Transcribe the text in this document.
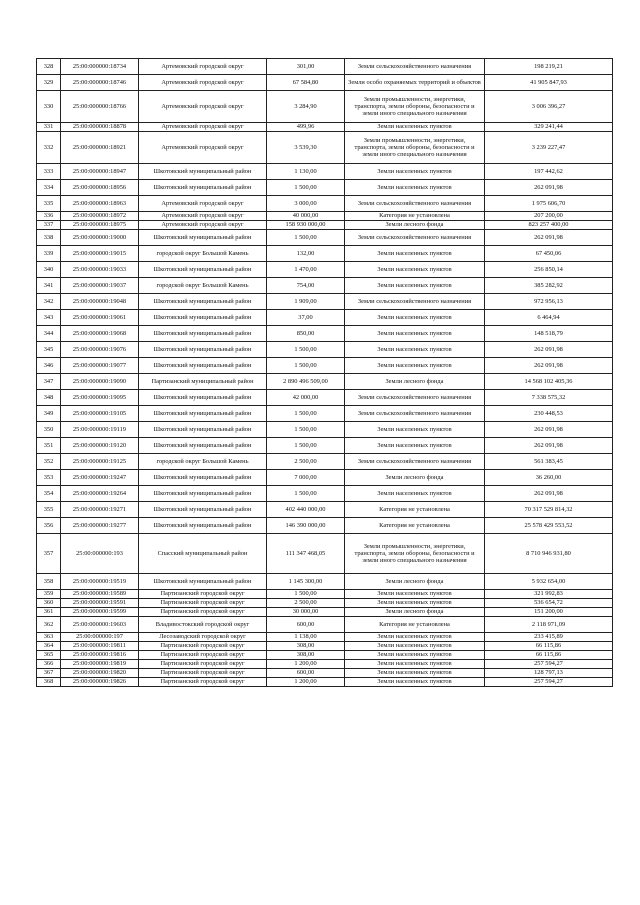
328	25:00:000000:18734	Артемовский городской округ	301,00	Земли сельскохозяйственного назначения	198 219,21
329	25:00:000000:18746	Артемовский городской округ	67 584,80	Земли особо охраняемых территорий и объектов	41 905 847,93
330	25:00:000000:18766	Артемовский городской округ	3 284,90	Земли промышленности, энергетики, транспорта, земли обороны, безопасности и земли иного специального назначения	3 006 396,27
331	25:00:000000:18878	Артемовский городской округ	499,96	Земли населенных пунктов	329 241,44
332	25:00:000000:18921	Артемовский городской округ	3 539,30	Земли промышленности, энергетики, транспорта, земли обороны, безопасности и земли иного специального назначения	3 239 227,47
333	25:00:000000:18947	Шкотовский муниципальный район	1 130,00	Земли населенных пунктов	197 442,62
334	25:00:000000:18956	Шкотовский муниципальный район	1 500,00	Земли населенных пунктов	262 091,98
335	25:00:000000:18963	Артемовский городской округ	3 000,00	Земли сельскохозяйственного назначения	1 975 606,70
336	25:00:000000:18972	Артемовский городской округ	40 000,00	Категория не установлена	207 200,00
337	25:00:000000:18975	Артемовский городской округ	158 930 000,00	Земли лесного фонда	823 257 400,00
338	25:00:000000:19000	Шкотовский муниципальный район	1 500,00	Земли сельскохозяйственного назначения	262 091,98
339	25:00:000000:19015	городской округ Большой Камень	132,00	Земли населенных пунктов	67 450,06
340	25:00:000000:19033	Шкотовский муниципальный район	1 470,00	Земли населенных пунктов	256 850,14
341	25:00:000000:19037	городской округ Большой Камень	754,00	Земли населенных пунктов	385 282,92
342	25:00:000000:19048	Шкотовский муниципальный район	1 909,00	Земли сельскохозяйственного назначения	972 956,13
343	25:00:000000:19061	Шкотовский муниципальный район	37,00	Земли населенных пунктов	6 464,94
344	25:00:000000:19068	Шкотовский муниципальный район	850,00	Земли населенных пунктов	148 518,79
345	25:00:000000:19076	Шкотовский муниципальный район	1 500,00	Земли населенных пунктов	262 091,98
346	25:00:000000:19077	Шкотовский муниципальный район	1 500,00	Земли населенных пунктов	262 091,98
347	25:00:000000:19090	Партизанский муниципальный район	2 890 496 509,00	Земли лесного фонда	14 568 102 405,36
348	25:00:000000:19095	Шкотовский муниципальный район	42 000,00	Земли сельскохозяйственного назначения	7 338 575,32
349	25:00:000000:19105	Шкотовский муниципальный район	1 500,00	Земли сельскохозяйственного назначения	230 448,53
350	25:00:000000:19119	Шкотовский муниципальный район	1 500,00	Земли населенных пунктов	262 091,98
351	25:00:000000:19120	Шкотовский муниципальный район	1 500,00	Земли населенных пунктов	262 091,98
352	25:00:000000:19125	городской округ Большой Камень	2 500,00	Земли сельскохозяйственного назначения	561 383,45
353	25:00:000000:19247	Шкотовский муниципальный район	7 000,00	Земли лесного фонда	36 260,00
354	25:00:000000:19264	Шкотовский муниципальный район	1 500,00	Земли населенных пунктов	262 091,98
355	25:00:000000:19271	Шкотовский муниципальный район	402 440 000,00	Категория не установлена	70 317 529 814,32
356	25:00:000000:19277	Шкотовский муниципальный район	146 390 000,00	Категория не установлена	25 578 429 553,52
357	25:00:000000:193	Спасский муниципальный район	111 347 468,05	Земли промышленности, энергетики, транспорта, земли обороны, безопасности и земли иного специального назначения	8 710 946 931,80
358	25:00:000000:19519	Шкотовский муниципальный район	1 145 300,00	Земли лесного фонда	5 932 654,00
359	25:00:000000:19589	Партизанский городской округ	1 500,00	Земли населенных пунктов	321 992,83
360	25:00:000000:19591	Партизанский городской округ	2 500,00	Земли населенных пунктов	536 654,72
361	25:00:000000:19599	Партизанский городской округ	30 000,00	Земли лесного фонда	151 200,00
362	25:00:000000:19603	Владивостокский городской округ	600,00	Категория не установлена	2 118 971,09
363	25:00:000000:197	Лесозаводский городской округ	1 138,00	Земли населенных пунктов	233 415,89
364	25:00:000000:19811	Партизанский городской округ	308,00	Земли населенных пунктов	66 115,86
365	25:00:000000:19816	Партизанский городской округ	308,00	Земли населенных пунктов	66 115,86
366	25:00:000000:19819	Партизанский городской округ	1 200,00	Земли населенных пунктов	257 594,27
367	25:00:000000:19820	Партизанский городской округ	600,00	Земли населенных пунктов	128 797,13
368	25:00:000000:19826	Партизанский городской округ	1 200,00	Земли населенных пунктов	257 594,27
